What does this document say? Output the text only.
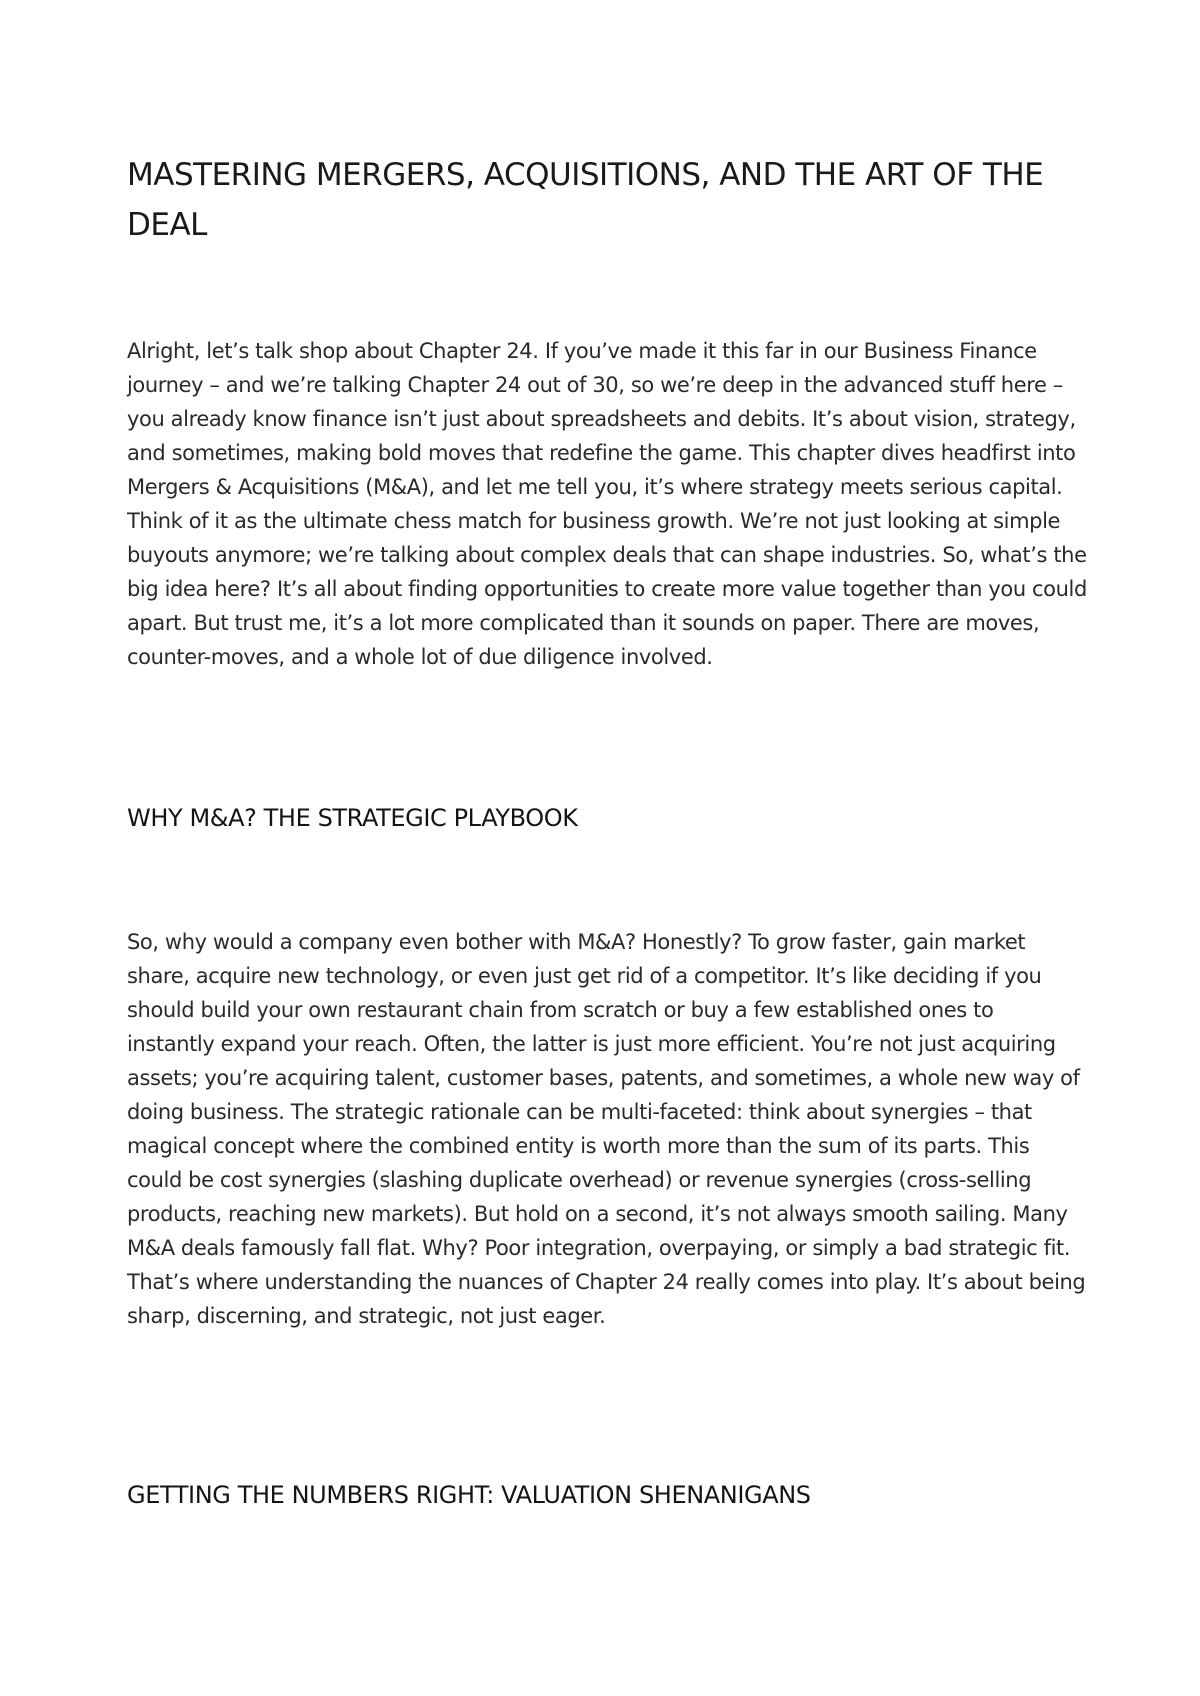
MASTERING MERGERS, ACQUISITIONS, AND THE ART OF THE DEAL

Alright, let’s talk shop about Chapter 24. If you’ve made it this far in our Business Finance journey – and we’re talking Chapter 24 out of 30, so we’re deep in the advanced stuff here – you already know finance isn’t just about spreadsheets and debits. It’s about vision, strategy, and sometimes, making bold moves that redefine the game. This chapter dives headfirst into Mergers & Acquisitions (M&A), and let me tell you, it’s where strategy meets serious capital. Think of it as the ultimate chess match for business growth. We’re not just looking at simple buyouts anymore; we’re talking about complex deals that can shape industries. So, what’s the big idea here? It’s all about finding opportunities to create more value together than you could apart. But trust me, it’s a lot more complicated than it sounds on paper. There are moves, counter-moves, and a whole lot of due diligence involved.

WHY M&A? THE STRATEGIC PLAYBOOK

So, why would a company even bother with M&A? Honestly? To grow faster, gain market share, acquire new technology, or even just get rid of a competitor. It’s like deciding if you should build your own restaurant chain from scratch or buy a few established ones to instantly expand your reach. Often, the latter is just more efficient. You’re not just acquiring assets; you’re acquiring talent, customer bases, patents, and sometimes, a whole new way of doing business. The strategic rationale can be multi-faceted: think about synergies – that magical concept where the combined entity is worth more than the sum of its parts. This could be cost synergies (slashing duplicate overhead) or revenue synergies (cross-selling products, reaching new markets). But hold on a second, it’s not always smooth sailing. Many M&A deals famously fall flat. Why? Poor integration, overpaying, or simply a bad strategic fit. That’s where understanding the nuances of Chapter 24 really comes into play. It’s about being sharp, discerning, and strategic, not just eager.

GETTING THE NUMBERS RIGHT: VALUATION SHENANIGANS
